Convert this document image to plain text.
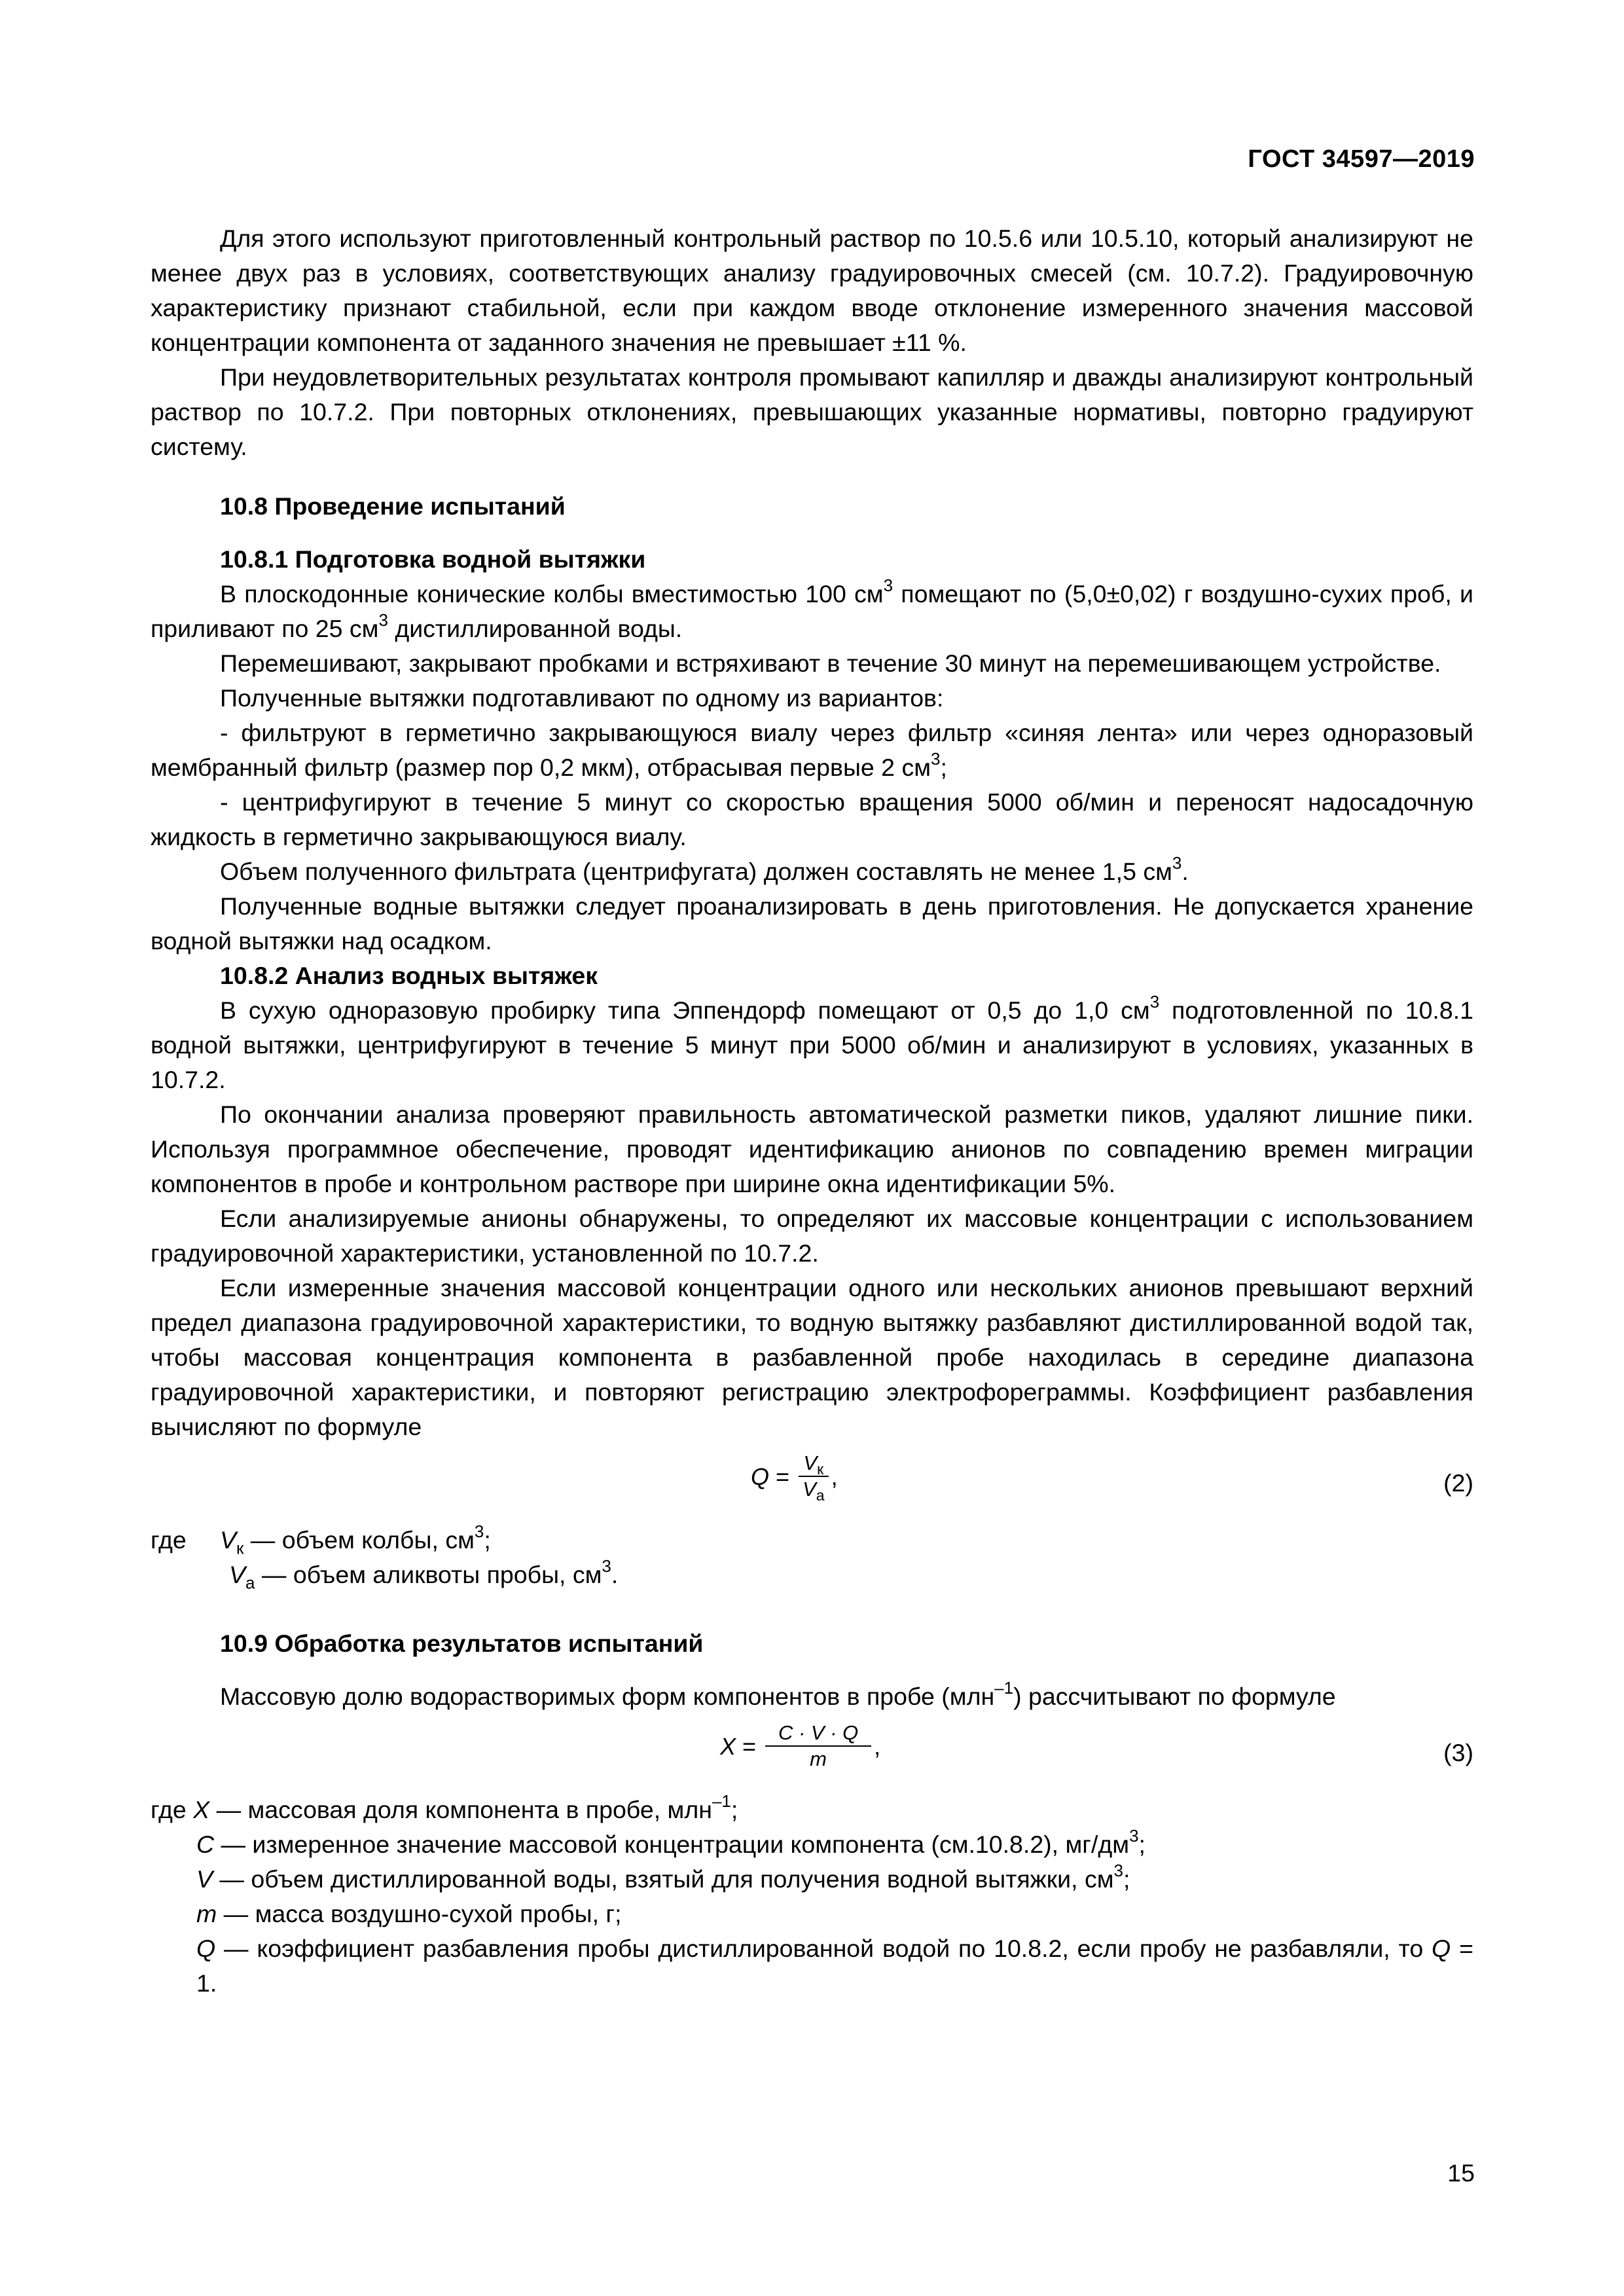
ГОСТ 34597—2019

Для этого используют приготовленный контрольный раствор по 10.5.6 или 10.5.10, который анализируют не менее двух раз в условиях, соответствующих анализу градуировочных смесей (см. 10.7.2). Градуировочную характеристику признают стабильной, если при каждом вводе отклонение измеренного значения массовой концентрации компонента от заданного значения не превышает ±11 %.

При неудовлетворительных результатах контроля промывают капилляр и дважды анализируют контрольный раствор по 10.7.2. При повторных отклонениях, превышающих указанные нормативы, повторно градуируют систему.

10.8 Проведение испытаний
10.8.1 Подготовка водной вытяжки

В плоскодонные конические колбы вместимостью 100 $см^3$ помещают по (5,0±0,02) г воздушно-сухих проб, и приливают по 25 $см^3$ дистиллированной воды.

Перемешивают, закрывают пробками и встряхивают в течение 30 минут на перемешивающем устройстве.

Полученные вытяжки подготавливают по одному из вариантов:

- фильтруют в герметично закрывающуюся виалу через фильтр «синяя лента» или через одноразовый мембранный фильтр (размер пор 0,2 мкм), отбрасывая первые 2 $см^3$;

- центрифугируют в течение 5 минут со скоростью вращения 5000 об/мин и переносят надосадочную жидкость в герметично закрывающуюся виалу.

Объем полученного фильтрата (центрифугата) должен составлять не менее 1,5 $см^3$.

Полученные водные вытяжки следует проанализировать в день приготовления. Не допускается хранение водной вытяжки над осадком.

10.8.2 Анализ водных вытяжек

В сухую одноразовую пробирку типа Эппендорф помещают от 0,5 до 1,0 $см^3$ подготовленной по 10.8.1 водной вытяжки, центрифугируют в течение 5 минут при 5000 об/мин и анализируют в условиях, указанных в 10.7.2.

По окончании анализа проверяют правильность автоматической разметки пиков, удаляют лишние пики. Используя программное обеспечение, проводят идентификацию анионов по совпадению времен миграции компонентов в пробе и контрольном растворе при ширине окна идентификации 5%.

Если анализируемые анионы обнаружены, то определяют их массовые концентрации с использованием градуировочной характеристики, установленной по 10.7.2.

Если измеренные значения массовой концентрации одного или нескольких анионов превышают верхний предел диапазона градуировочной характеристики, то водную вытяжку разбавляют дистиллированной водой так, чтобы массовая концентрация компонента в разбавленной пробе находилась в середине диапазона градуировочной характеристики, и повторяют регистрацию электрофореграммы. Коэффициент разбавления вычисляют по формуле

Q
=
$\frac{V_к}{V_а}$ ,	(2)
где	$V_к$ — объем колбы, $см^3$;
$V_а$ — объем аликвоты пробы, $см^3$.
10.9 Обработка результатов испытаний

Массовую долю водорастворимых форм компонентов в пробе (млн$^{-1}$) рассчитывают по формуле

X
=
$\frac{C \cdot V \cdot Q}{m}$ ,	(3)
где X — массовая доля компонента в пробе, млн$^{-1}$;
C — измеренное значение массовой концентрации компонента (см.10.8.2), $мг/дм^3$;
V — объем дистиллированной воды, взятый для получения водной вытяжки, $см^3$;
m — масса воздушно-сухой пробы, г;
Q — коэффициент разбавления пробы дистиллированной водой по 10.8.2, если пробу не разбавляли, то Q = 1.
15
